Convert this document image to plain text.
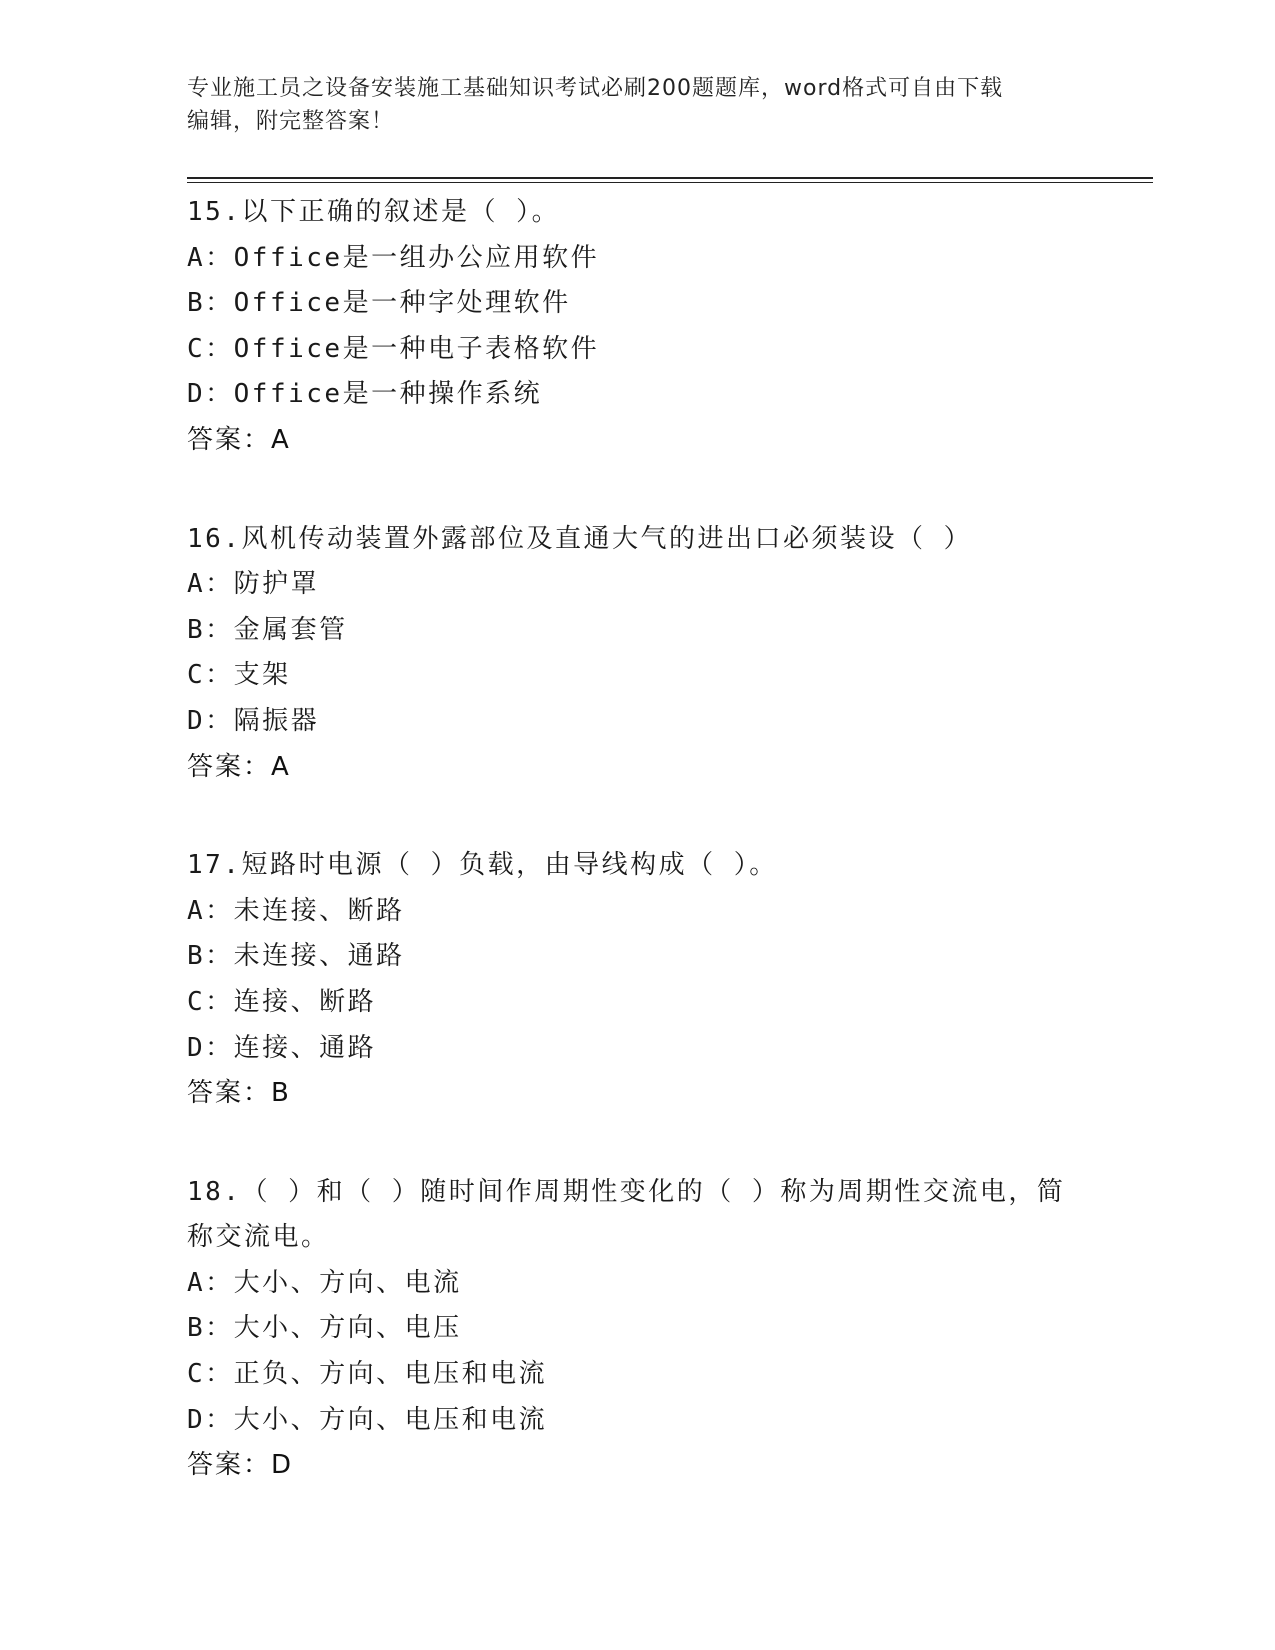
专业施工员之设备安装施工基础知识考试必刷200题题库，word格式可自由下载
编辑，附完整答案！
15.以下正确的叙述是（ ）。
A：Office是一组办公应用软件
B：Office是一种字处理软件
C：Office是一种电子表格软件
D：Office是一种操作系统
答案：A
16.风机传动装置外露部位及直通大气的进出口必须装设（ ）
A：防护罩
B：金属套管
C：支架
D：隔振器
答案：A
17.短路时电源（ ）负载，由导线构成（ ）。
A：未连接、断路
B：未连接、通路
C：连接、断路
D：连接、通路
答案：B
18.（ ）和（ ）随时间作周期性变化的（ ）称为周期性交流电，简称交流电。
A：大小、方向、电流
B：大小、方向、电压
C：正负、方向、电压和电流
D：大小、方向、电压和电流
答案：D
